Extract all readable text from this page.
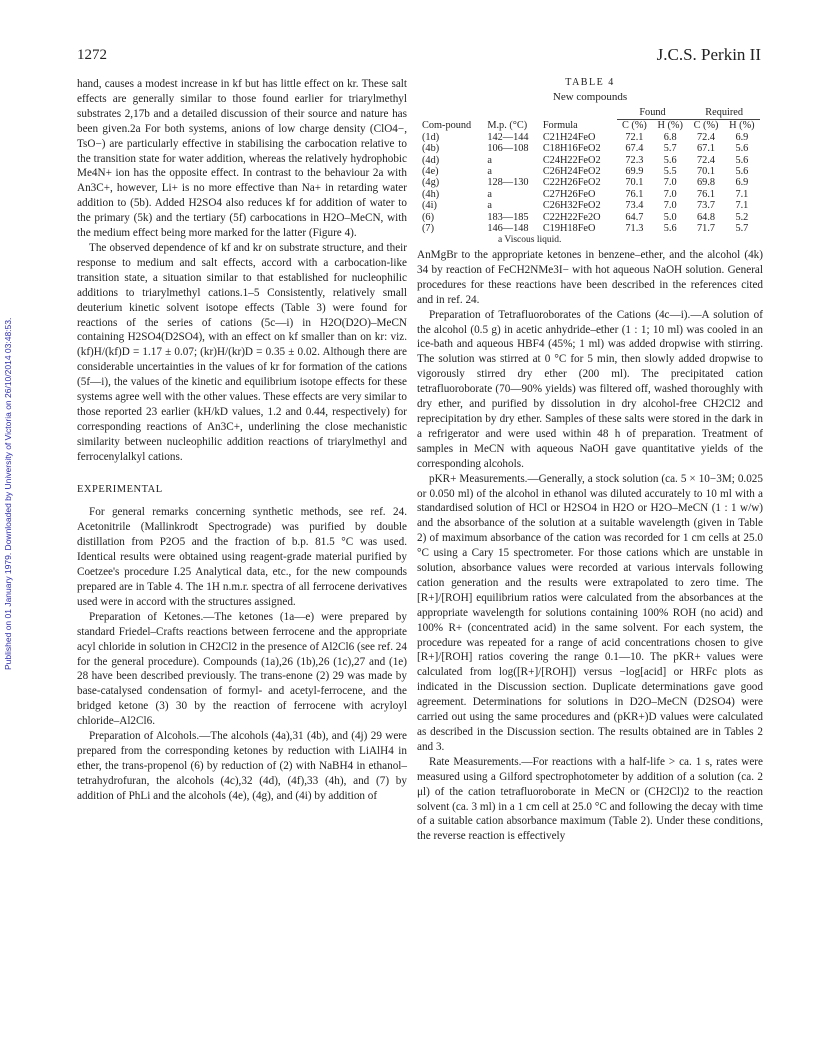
Published on 01 January 1979. Downloaded by University of Victoria on 26/10/2014 03:48:53.
1272	J.C.S. Perkin II

hand, causes a modest increase in kf but has little effect on kr. These salt effects are generally similar to those found earlier for triarylmethyl substrates 2,17b and a detailed discussion of their source and nature has been given.2a For both systems, anions of low charge density (ClO4−, TsO−) are particularly effective in stabilising the carbocation relative to the transition state for water addition, whereas the relatively hydrophobic Me4N+ ion has the opposite effect. In contrast to the behaviour 2a with An3C+, however, Li+ is no more effective than Na+ in retarding water addition to (5b). Added H2SO4 also reduces kf for addition of water to the primary (5k) and the tertiary (5f) carbocations in H2O–MeCN, with the medium effect being more marked for the latter (Figure 4).

The observed dependence of kf and kr on substrate structure, and their response to medium and salt effects, accord with a carbocation-like transition state, a situation similar to that established for nucleophilic additions to triarylmethyl cations.1–5 Consistently, relatively small deuterium kinetic solvent isotope effects (Table 3) were found for reactions of the series of cations (5c—i) in H2O(D2O)–MeCN containing H2SO4(D2SO4), with an effect on kf smaller than on kr: viz. (kf)H/(kf)D = 1.17 ± 0.07; (kr)H/(kr)D = 0.35 ± 0.02. Although there are considerable uncertainties in the values of kr for formation of the cations (5f—i), the values of the kinetic and equilibrium isotope effects for these systems agree well with the other values. These effects are very similar to those reported 23 earlier (kH/kD values, 1.2 and 0.44, respectively) for corresponding reactions of An3C+, underlining the close mechanistic similarity between nucleophilic addition reactions of triarylmethyl and ferrocenylalkyl cations.

EXPERIMENTAL

For general remarks concerning synthetic methods, see ref. 24. Acetonitrile (Mallinkrodt Spectrograde) was purified by double distillation from P2O5 and the fraction of b.p. 81.5 °C was used. Identical results were obtained using reagent-grade material purified by Coetzee's procedure I.25 Analytical data, etc., for the new compounds prepared are in Table 4. The 1H n.m.r. spectra of all ferrocene derivatives used were in accord with the structures assigned.

Preparation of Ketones.—The ketones (1a—e) were prepared by standard Friedel–Crafts reactions between ferrocene and the appropriate acyl chloride in solution in CH2Cl2 in the presence of Al2Cl6 (see ref. 24 for the general procedure). Compounds (1a),26 (1b),26 (1c),27 and (1e) 28 have been described previously. The trans-enone (2) 29 was made by base-catalysed condensation of formyl- and acetyl-ferrocene, and the bridged ketone (3) 30 by the reaction of ferrocene with acryloyl chloride–Al2Cl6.

Preparation of Alcohols.—The alcohols (4a),31 (4b), and (4j) 29 were prepared from the corresponding ketones by reduction with LiAlH4 in ether, the trans-propenol (6) by reduction of (2) with NaBH4 in ethanol–tetrahydrofuran, the alcohols (4c),32 (4d), (4f),33 (4h), and (7) by addition of PhLi and the alcohols (4e), (4g), and (4i) by addition of

TABLE 4
New compounds
			Found		Required	
Com-pound	M.p. (°C)	Formula	C (%)	H (%)	C (%)	H (%)
(1d)	142—144	C21H24FeO	72.1	6.8	72.4	6.9
(4b)	106—108	C18H16FeO2	67.4	5.7	67.1	5.6
(4d)	a	C24H22FeO2	72.3	5.6	72.4	5.6
(4e)	a	C26H24FeO2	69.9	5.5	70.1	5.6
(4g)	128—130	C22H26FeO2	70.1	7.0	69.8	6.9
(4h)	a	C27H26FeO	76.1	7.0	76.1	7.1
(4i)	a	C26H32FeO2	73.4	7.0	73.7	7.1
(6)	183—185	C22H22Fe2O	64.7	5.0	64.8	5.2
(7)	146—148	C19H18FeO	71.3	5.6	71.7	5.7
a Viscous liquid.

AnMgBr to the appropriate ketones in benzene–ether, and the alcohol (4k) 34 by reaction of FeCH2NMe3I− with hot aqueous NaOH solution. General procedures for these reactions have been described in the references cited and in ref. 24.

Preparation of Tetrafluoroborates of the Cations (4c—i).—A solution of the alcohol (0.5 g) in acetic anhydride–ether (1 : 1; 10 ml) was cooled in an ice-bath and aqueous HBF4 (45%; 1 ml) was added dropwise with stirring. The solution was stirred at 0 °C for 5 min, then slowly added dropwise to vigorously stirred dry ether (200 ml). The precipitated cation tetrafluoroborate (70—90% yields) was filtered off, washed thoroughly with dry ether, and purified by dissolution in dry alcohol-free CH2Cl2 and reprecipitation by dry ether. Samples of these salts were stored in the dark in a refrigerator and were used within 48 h of preparation. Treatment of samples in MeCN with aqueous NaOH gave quantitative yields of the corresponding alcohols.

pKR+ Measurements.—Generally, a stock solution (ca. 5 × 10−3M; 0.025 or 0.050 ml) of the alcohol in ethanol was diluted accurately to 10 ml with a standardised solution of HCl or H2SO4 in H2O or H2O–MeCN (1 : 1 w/w) and the absorbance of the solution at a suitable wavelength (given in Table 2) of maximum absorbance of the cation was recorded for 1 cm cells at 25.0 °C using a Cary 15 spectrometer. For those cations which are unstable in solution, absorbance values were recorded at various intervals following cation generation and the results were extrapolated to zero time. The [R+]/[ROH] equilibrium ratios were calculated from the absorbances at the appropriate wavelength for solutions containing 100% ROH (no acid) and 100% R+ (concentrated acid) in the same solvent. For each system, the procedure was repeated for a range of acid concentrations chosen to give [R+]/[ROH] ratios covering the range 0.1—10. The pKR+ values were calculated from log([R+]/[ROH]) versus −log[acid] or HRFc plots as indicated in the Discussion section. Duplicate determinations gave good agreement. Determinations for solutions in D2O–MeCN (D2SO4) were carried out using the same procedures and (pKR+)D values were calculated as described in the Discussion section. The results obtained are in Tables 2 and 3.

Rate Measurements.—For reactions with a half-life > ca. 1 s, rates were measured using a Gilford spectrophotometer by addition of a solution (ca. 2 μl) of the cation tetrafluoroborate in MeCN or (CH2Cl)2 to the reaction solvent (ca. 3 ml) in a 1 cm cell at 25.0 °C and following the decay with time of a suitable cation absorbance maximum (Table 2). Under these conditions, the reverse reaction is effectively
